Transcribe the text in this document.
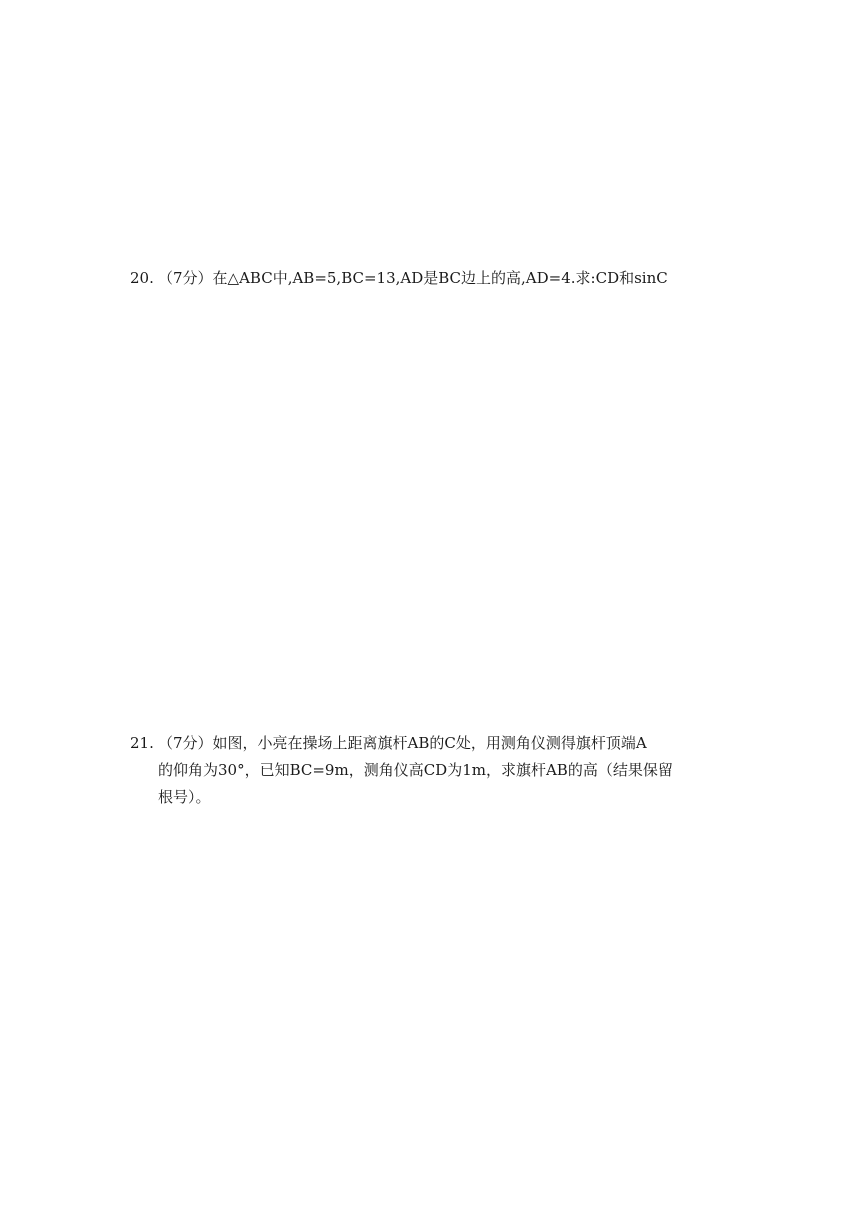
20. （7分）在△ABC中,AB=5,BC=13,AD是BC边上的高,AD=4.求:CD和sinC
21. （7分）如图，小亮在操场上距离旗杆AB的C处，用测角仪测得旗杆顶端A
的仰角为30°，已知BC=9m，测角仪高CD为1m，求旗杆AB的高（结果保留
根号）。
